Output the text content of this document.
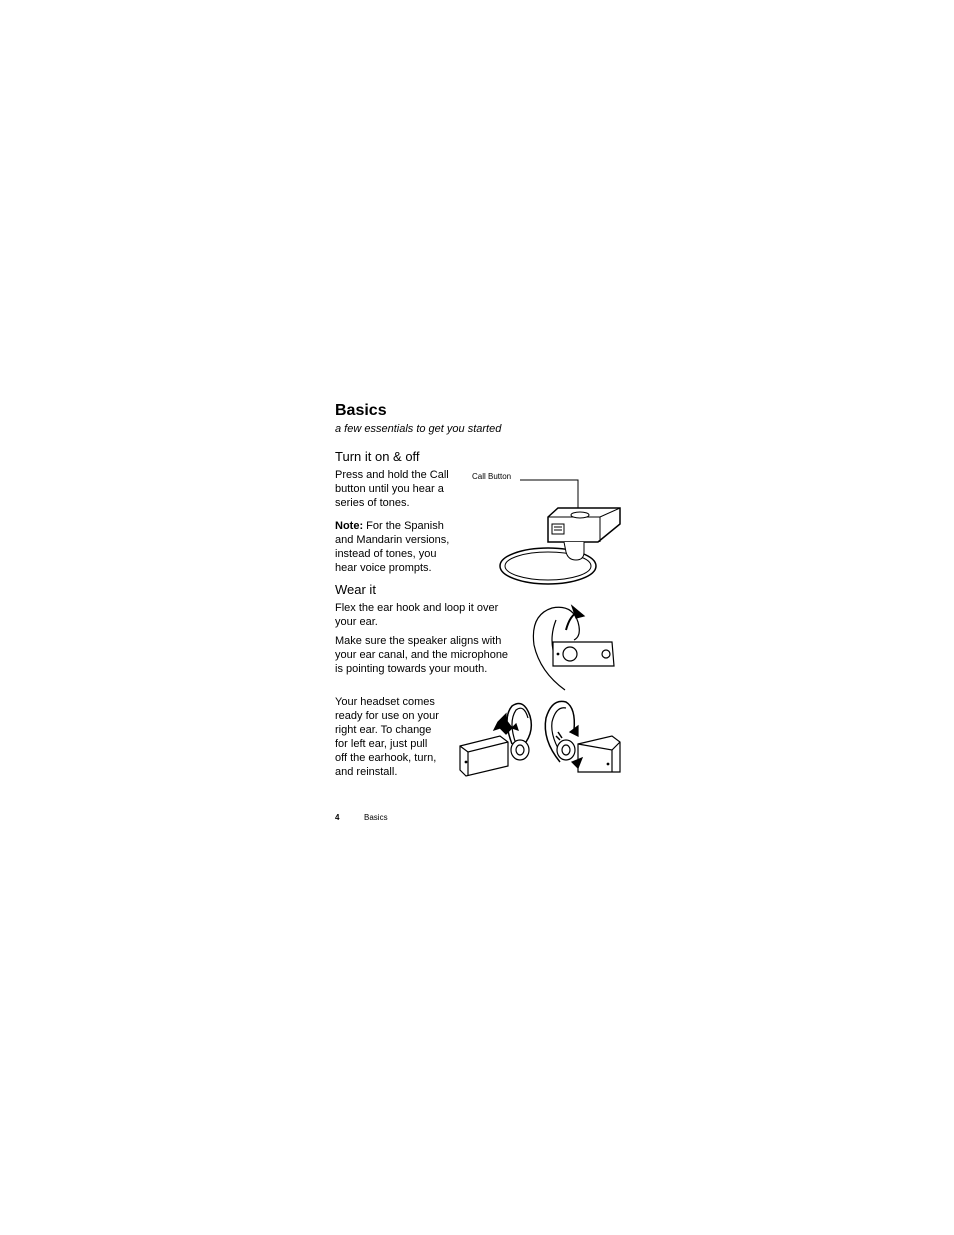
Basics
a few essentials to get you started
Turn it on & off
Press and hold the Call
button until you hear a
series of tones.
Note: For the Spanish
and Mandarin versions,
instead of tones, you
hear voice prompts.
Call Button
Wear it
Flex the ear hook and loop it over
your ear.
Make sure the speaker aligns with
your ear canal, and the microphone
is pointing towards your mouth.
Your headset comes
ready for use on your
right ear. To change
for left ear, just pull
off the earhook, turn,
and reinstall.
4	Basics
